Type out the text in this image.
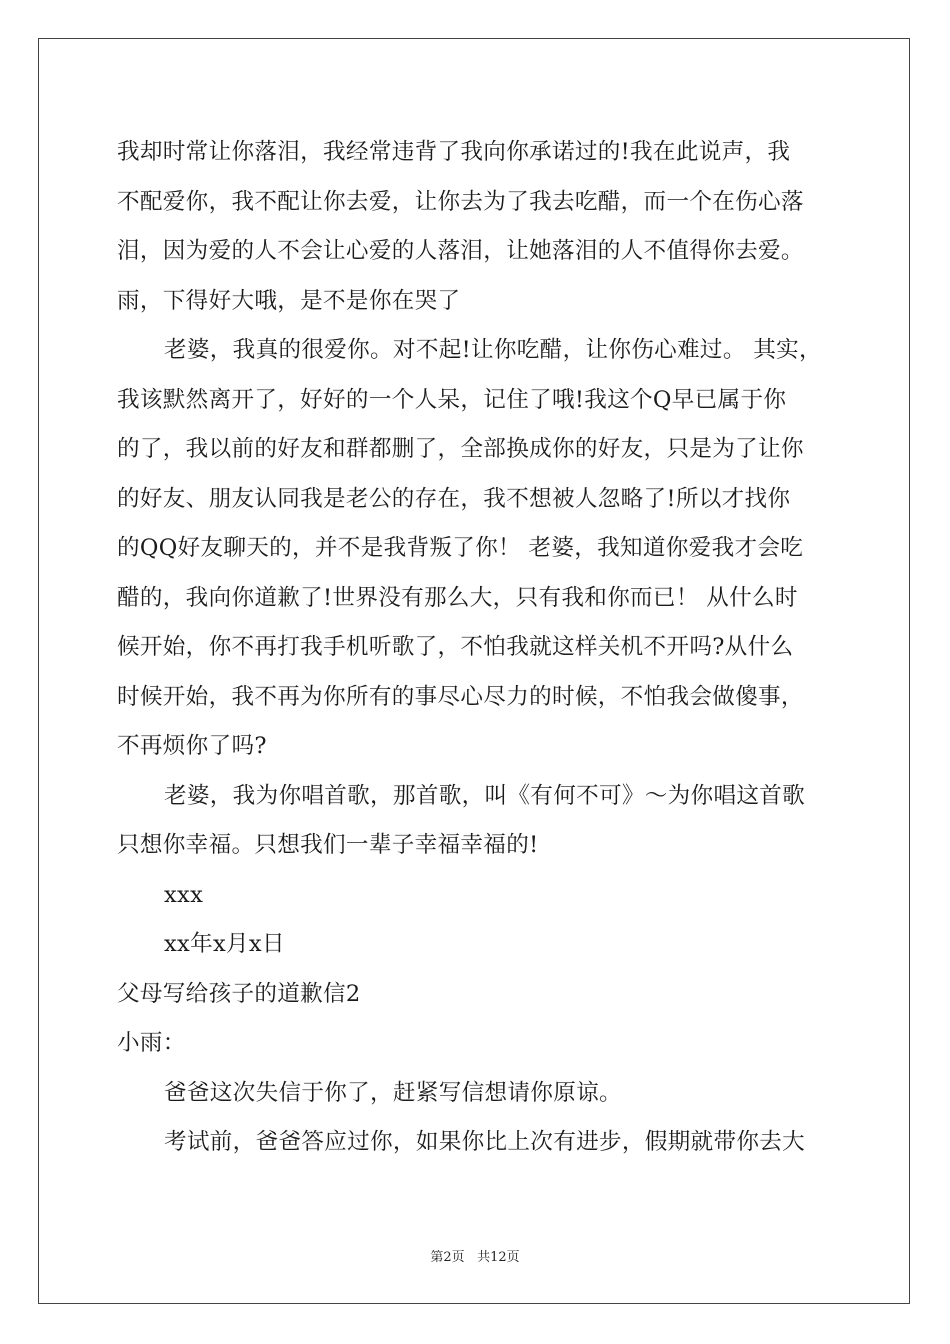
我却时常让你落泪，我经常违背了我向你承诺过的!我在此说声，我
不配爱你，我不配让你去爱，让你去为了我去吃醋，而一个在伤心落
泪，因为爱的人不会让心爱的人落泪，让她落泪的人不值得你去爱。
雨，下得好大哦，是不是你在哭了
老婆，我真的很爱你。对不起!让你吃醋，让你伤心难过。 其实，
我该默然离开了，好好的一个人呆，记住了哦!我这个Q早已属于你
的了，我以前的好友和群都删了，全部换成你的好友，只是为了让你
的好友、朋友认同我是老公的存在，我不想被人忽略了!所以才找你
的QQ好友聊天的，并不是我背叛了你！ 老婆，我知道你爱我才会吃
醋的，我向你道歉了!世界没有那么大，只有我和你而已！ 从什么时
候开始，你不再打我手机听歌了，不怕我就这样关机不开吗?从什么
时候开始，我不再为你所有的事尽心尽力的时候，不怕我会做傻事，
不再烦你了吗?
老婆，我为你唱首歌，那首歌，叫《有何不可》～为你唱这首歌
只想你幸福。只想我们一辈子幸福幸福的!
xxx
xx年x月x日
父母写给孩子的道歉信2
小雨：
爸爸这次失信于你了，赶紧写信想请你原谅。
考试前，爸爸答应过你，如果你比上次有进步，假期就带你去大
第2页 共12页
